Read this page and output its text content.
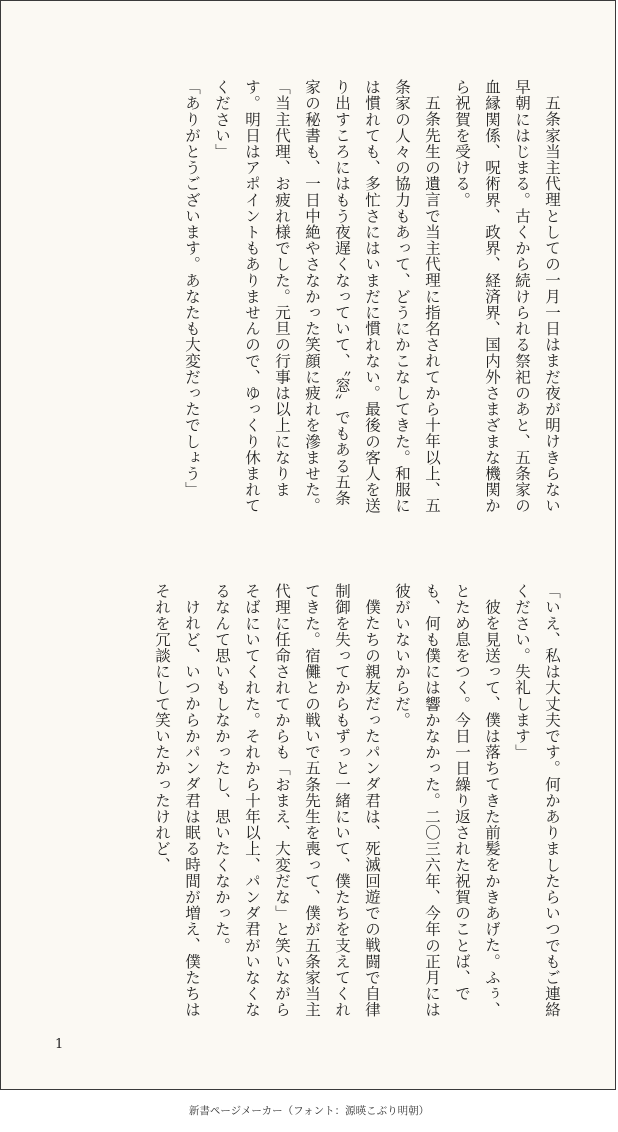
五条家当主代理としての一月一日はまだ夜が明けきらない早朝にはじまる。古くから続けられる祭祀のあと、五条家の血縁関係、呪術界、政界、経済界、国内外さまざまな機関から祝賀を受ける。

五条先生の遺言で当主代理に指名されてから十年以上、五条家の人々の協力もあって、どうにかこなしてきた。和服には慣れても、多忙さにはいまだに慣れない。最後の客人を送り出すころにはもう夜遅くなっていて、〝窓〟でもある五条家の秘書も、一日中絶やさなかった笑顔に疲れを滲ませた。

「当主代理、お疲れ様でした。元旦の行事は以上になります。明日はアポイントもありませんので、ゆっくり休まれてください」

「ありがとうございます。あなたも大変だったでしょう」

「いえ、私は大丈夫です。何かありましたらいつでもご連絡ください。失礼します」

彼を見送って、僕は落ちてきた前髪をかきあげた。ふぅ、とため息をつく。今日一日繰り返された祝賀のことば、でも、何も僕には響かなかった。二〇三六年、今年の正月には彼がいないからだ。

僕たちの親友だったパンダ君は、死滅回遊での戦闘で自律制御を失ってからもずっと一緒にいて、僕たちを支えてくれてきた。宿儺との戦いで五条先生を喪って、僕が五条家当主代理に任命されてからも「おまえ、大変だな」と笑いながらそばにいてくれた。それから十年以上、パンダ君がいなくなるなんて思いもしなかったし、思いたくなかった。

けれど、いつからかパンダ君は眠る時間が増え、僕たちはそれを冗談にして笑いたかったけれど、

1
新書ページメーカー（フォント：源暎こぶり明朝）
